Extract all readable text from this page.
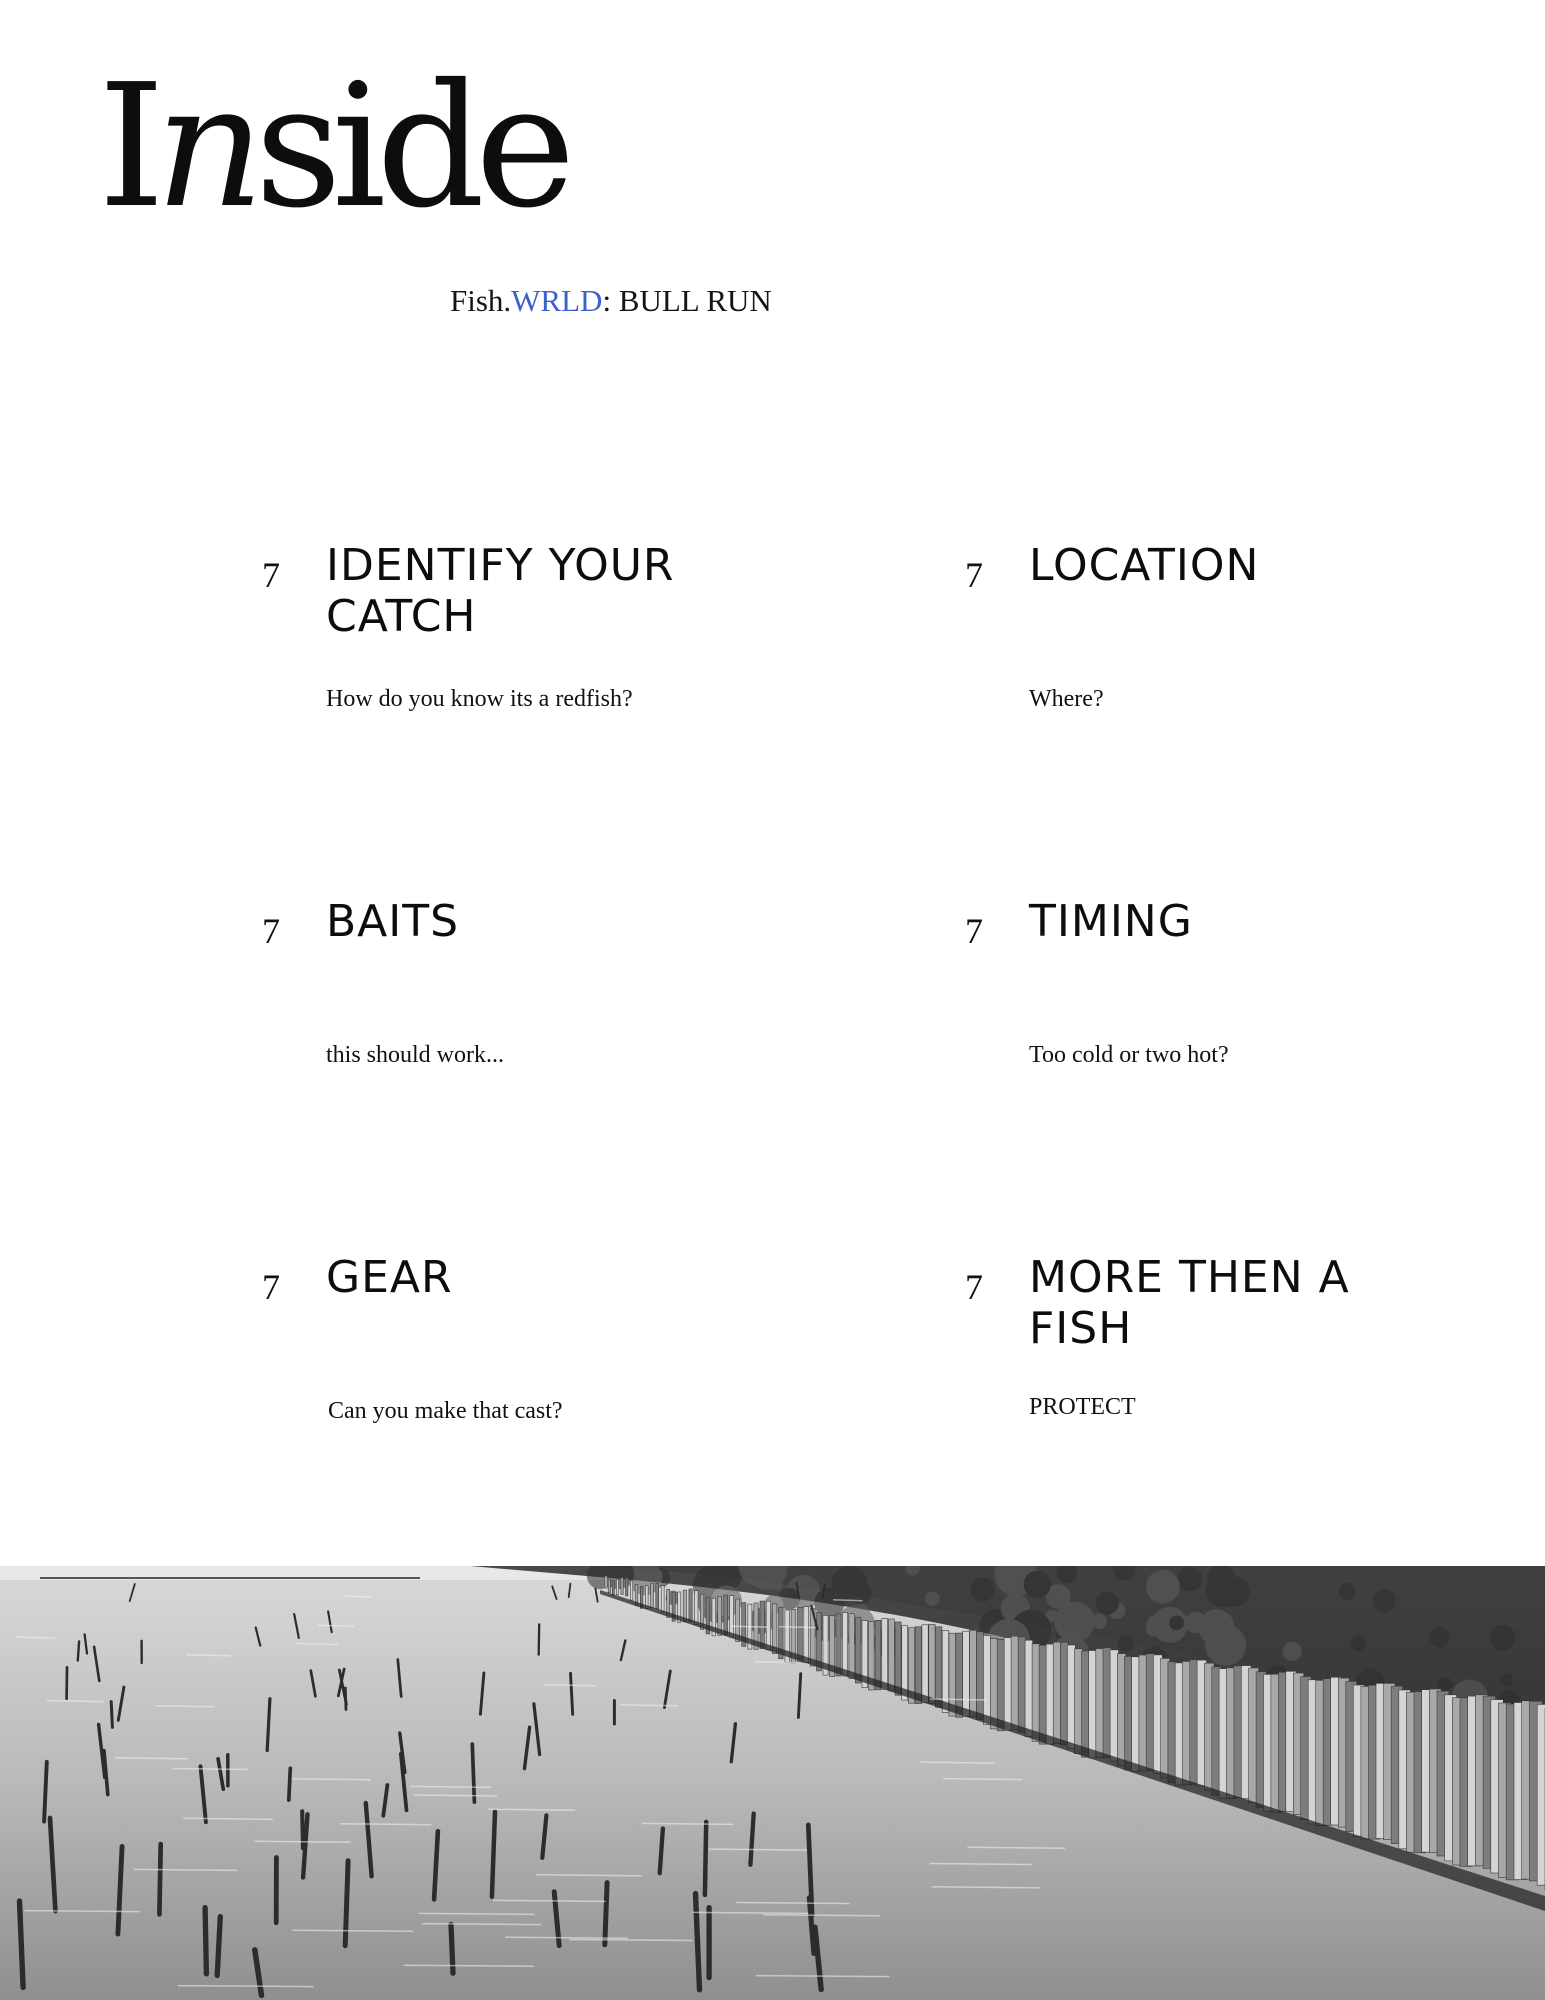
Inside
Fish.WRLD: BULL RUN
7 IDENTIFY YOUR CATCH
How do you know its a redfish?
7 BAITS
this should work...
7 GEAR
Can you make that cast?
7 LOCATION
Where?
7 TIMING
Too cold or two hot?
7 MORE THEN A FISH
PROTECT
